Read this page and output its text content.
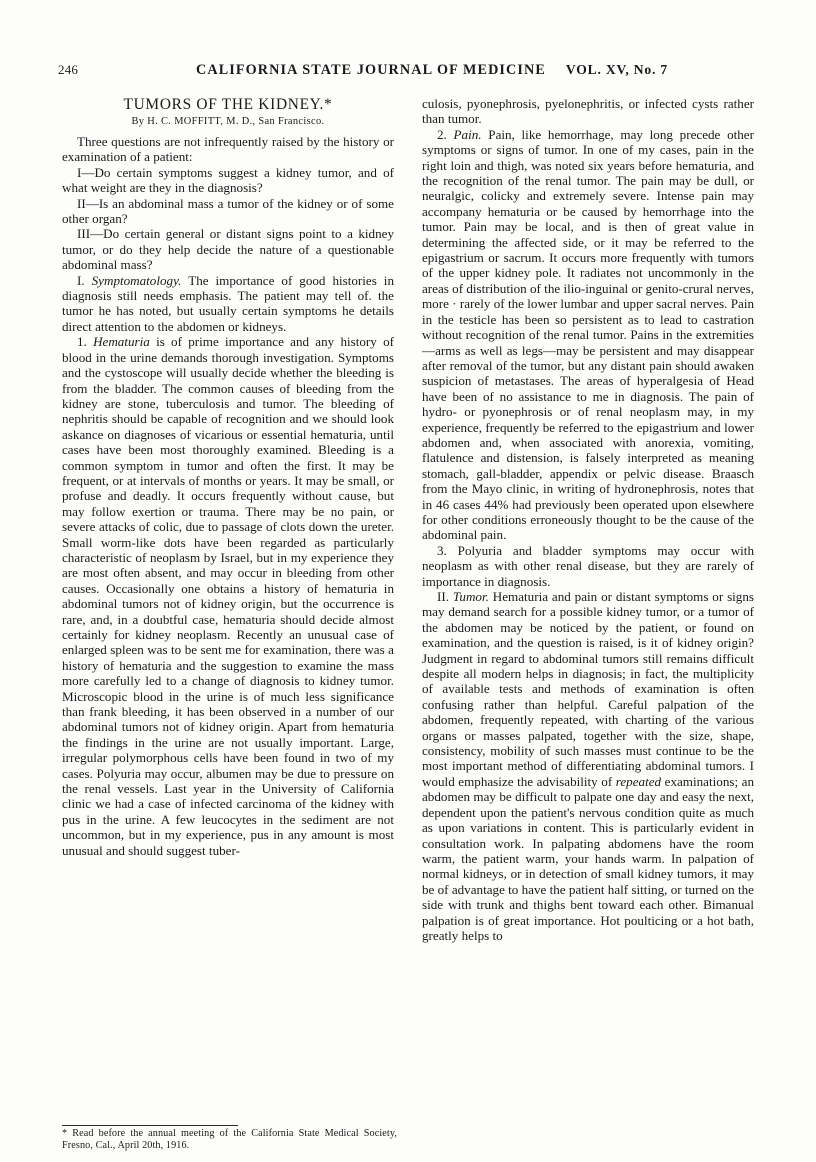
246	CALIFORNIA STATE JOURNAL OF MEDICINE VOL. XV, No. 7
TUMORS OF THE KIDNEY.*
By H. C. MOFFITT, M. D., San Francisco.

Three questions are not infrequently raised by the history or examination of a patient:

I—Do certain symptoms suggest a kidney tumor, and of what weight are they in the diagnosis?

II—Is an abdominal mass a tumor of the kidney or of some other organ?

III—Do certain general or distant signs point to a kidney tumor, or do they help decide the nature of a questionable abdominal mass?

I. Symptomatology. The importance of good histories in diagnosis still needs emphasis. The patient may tell of. the tumor he has noted, but usually certain symptoms he details direct attention to the abdomen or kidneys.

1. Hematuria is of prime importance and any history of blood in the urine demands thorough investigation. Symptoms and the cystoscope will usually decide whether the bleeding is from the bladder. The common causes of bleeding from the kidney are stone, tuberculosis and tumor. The bleeding of nephritis should be capable of recognition and we should look askance on diagnoses of vicarious or essential hematuria, until cases have been most thoroughly examined. Bleeding is a common symptom in tumor and often the first. It may be frequent, or at intervals of months or years. It may be small, or profuse and deadly. It occurs frequently without cause, but may follow exertion or trauma. There may be no pain, or severe attacks of colic, due to passage of clots down the ureter. Small worm-like dots have been regarded as particularly characteristic of neoplasm by Israel, but in my experience they are most often absent, and may occur in bleeding from other causes. Occasionally one obtains a history of hematuria in abdominal tumors not of kidney origin, but the occurrence is rare, and, in a doubtful case, hematuria should decide almost certainly for kidney neoplasm. Recently an unusual case of enlarged spleen was to be sent me for examination, there was a history of hematuria and the suggestion to examine the mass more carefully led to a change of diagnosis to kidney tumor. Microscopic blood in the urine is of much less significance than frank bleeding, it has been observed in a number of our abdominal tumors not of kidney origin. Apart from hematuria the findings in the urine are not usually important. Large, irregular polymorphous cells have been found in two of my cases. Polyuria may occur, albumen may be due to pressure on the renal vessels. Last year in the University of California clinic we had a case of infected carcinoma of the kidney with pus in the urine. A few leucocytes in the sediment are not uncommon, but in my experience, pus in any amount is most unusual and should suggest tuber-

culosis, pyonephrosis, pyelonephritis, or infected cysts rather than tumor.

2. Pain. Pain, like hemorrhage, may long precede other symptoms or signs of tumor. In one of my cases, pain in the right loin and thigh, was noted six years before hematuria, and the recognition of the renal tumor. The pain may be dull, or neuralgic, colicky and extremely severe. Intense pain may accompany hematuria or be caused by hemorrhage into the tumor. Pain may be local, and is then of great value in determining the affected side, or it may be referred to the epigastrium or sacrum. It occurs more frequently with tumors of the upper kidney pole. It radiates not uncommonly in the areas of distribution of the ilio-inguinal or genito-crural nerves, more · rarely of the lower lumbar and upper sacral nerves. Pain in the testicle has been so persistent as to lead to castration without recognition of the renal tumor. Pains in the extremities—arms as well as legs—may be persistent and may disappear after removal of the tumor, but any distant pain should awaken suspicion of metastases. The areas of hyperalgesia of Head have been of no assistance to me in diagnosis. The pain of hydro- or pyonephrosis or of renal neoplasm may, in my experience, frequently be referred to the epigastrium and lower abdomen and, when associated with anorexia, vomiting, flatulence and distension, is falsely interpreted as meaning stomach, gall-bladder, appendix or pelvic disease. Braasch from the Mayo clinic, in writing of hydronephrosis, notes that in 46 cases 44% had previously been operated upon elsewhere for other conditions erroneously thought to be the cause of the abdominal pain.

3. Polyuria and bladder symptoms may occur with neoplasm as with other renal disease, but they are rarely of importance in diagnosis.

II. Tumor. Hematuria and pain or distant symptoms or signs may demand search for a possible kidney tumor, or a tumor of the abdomen may be noticed by the patient, or found on examination, and the question is raised, is it of kidney origin? Judgment in regard to abdominal tumors still remains difficult despite all modern helps in diagnosis; in fact, the multiplicity of available tests and methods of examination is often confusing rather than helpful. Careful palpation of the abdomen, frequently repeated, with charting of the various organs or masses palpated, together with the size, shape, consistency, mobility of such masses must continue to be the most important method of differentiating abdominal tumors. I would emphasize the advisability of repeated examinations; an abdomen may be difficult to palpate one day and easy the next, dependent upon the patient's nervous condition quite as much as upon variations in content. This is particularly evident in consultation work. In palpating abdomens have the room warm, the patient warm, your hands warm. In palpation of normal kidneys, or in detection of small kidney tumors, it may be of advantage to have the patient half sitting, or turned on the side with trunk and thighs bent toward each other. Bimanual palpation is of great importance. Hot poulticing or a hot bath, greatly helps to

* Read before the annual meeting of the California State Medical Society, Fresno, Cal., April 20th, 1916.
